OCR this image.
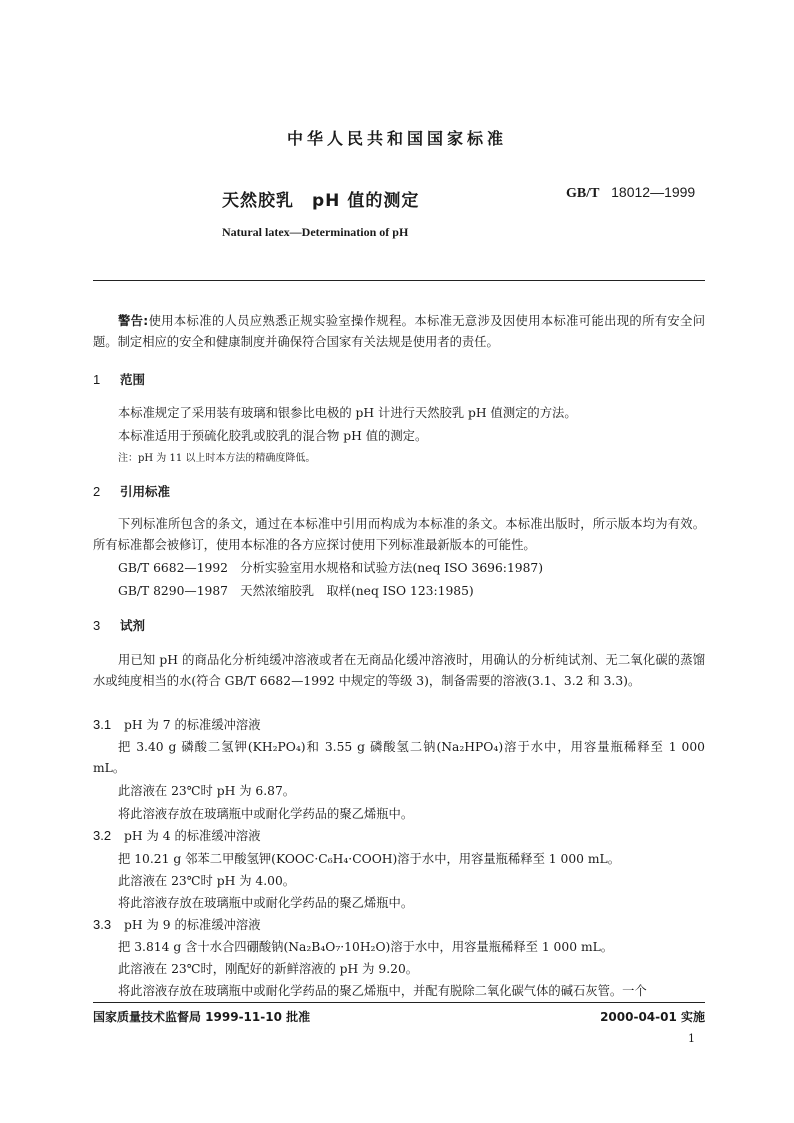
中华人民共和国国家标准
天然胶乳　pH 值的测定	GB/T 18012—1999
Natural latex—Determination of pH
警告:使用本标准的人员应熟悉正规实验室操作规程。本标准无意涉及因使用本标准可能出现的所有安全问题。制定相应的安全和健康制度并确保符合国家有关法规是使用者的责任。
1 范围
本标准规定了采用装有玻璃和银参比电极的 pH 计进行天然胶乳 pH 值测定的方法。
本标准适用于预硫化胶乳或胶乳的混合物 pH 值的测定。
注：pH 为 11 以上时本方法的精确度降低。
2 引用标准
下列标准所包含的条文，通过在本标准中引用而构成为本标准的条文。本标准出版时，所示版本均为有效。所有标准都会被修订，使用本标准的各方应探讨使用下列标准最新版本的可能性。
GB/T 6682—1992　分析实验室用水规格和试验方法(neq ISO 3696:1987)
GB/T 8290—1987　天然浓缩胶乳　取样(neq ISO 123:1985)
3 试剂
用已知 pH 的商品化分析纯缓冲溶液或者在无商品化缓冲溶液时，用确认的分析纯试剂、无二氧化碳的蒸馏水或纯度相当的水(符合 GB/T 6682—1992 中规定的等级 3)，制备需要的溶液(3.1、3.2 和 3.3)。
3.1 pH 为 7 的标准缓冲溶液
把 3.40 g 磷酸二氢钾(KH₂PO₄)和 3.55 g 磷酸氢二钠(Na₂HPO₄)溶于水中，用容量瓶稀释至 1 000 mL。
此溶液在 23℃时 pH 为 6.87。
将此溶液存放在玻璃瓶中或耐化学药品的聚乙烯瓶中。
3.2 pH 为 4 的标准缓冲溶液
把 10.21 g 邻苯二甲酸氢钾(KOOC·C₆H₄·COOH)溶于水中，用容量瓶稀释至 1 000 mL。
此溶液在 23℃时 pH 为 4.00。
将此溶液存放在玻璃瓶中或耐化学药品的聚乙烯瓶中。
3.3 pH 为 9 的标准缓冲溶液
把 3.814 g 含十水合四硼酸钠(Na₂B₄O₇·10H₂O)溶于水中，用容量瓶稀释至 1 000 mL。
此溶液在 23℃时，刚配好的新鲜溶液的 pH 为 9.20。
将此溶液存放在玻璃瓶中或耐化学药品的聚乙烯瓶中，并配有脱除二氧化碳气体的碱石灰管。一个
国家质量技术监督局 1999-11-10 批准	2000-04-01 实施
1
